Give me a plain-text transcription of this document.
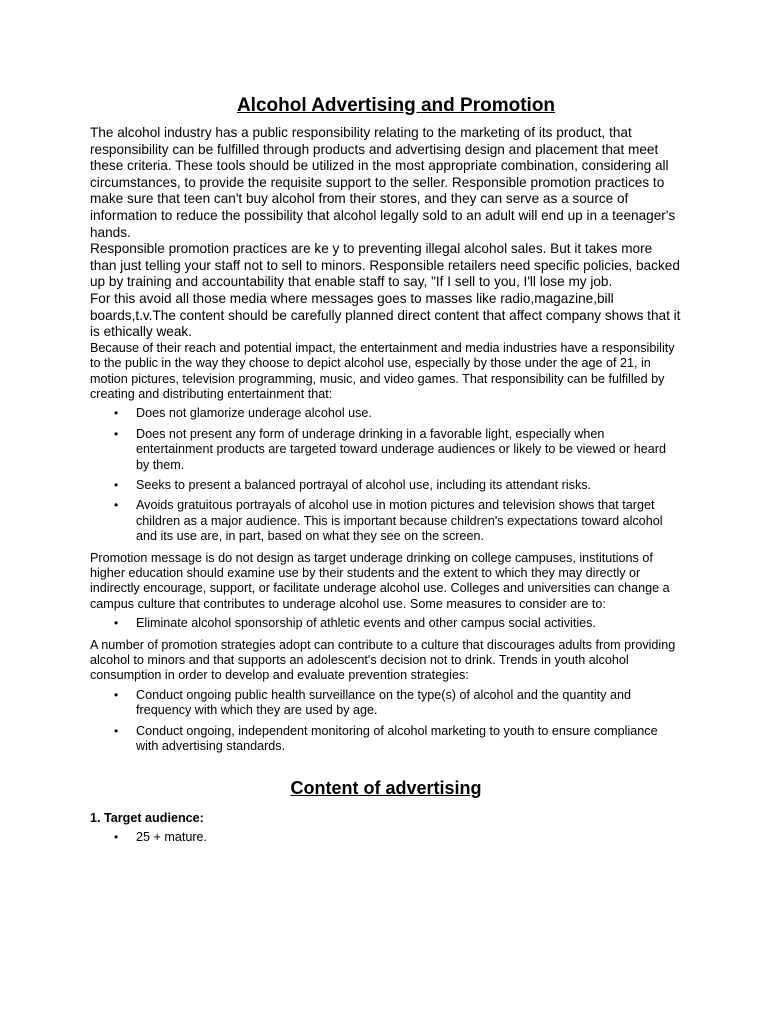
Alcohol Advertising and Promotion

The alcohol industry has a public responsibility relating to the marketing of its product, that responsibility can be fulfilled through products and advertising design and placement that meet these criteria. These tools should be utilized in the most appropriate combination, considering all circumstances, to provide the requisite support to the seller. Responsible promotion practices to make sure that teen can't buy alcohol from their stores, and they can serve as a source of information to reduce the possibility that alcohol legally sold to an adult will end up in a teenager's hands.

Responsible promotion practices are ke y to preventing illegal alcohol sales. But it takes more than just telling your staff not to sell to minors. Responsible retailers need specific policies, backed up by training and accountability that enable staff to say, "If I sell to you, I'll lose my job.

For this avoid all those media where messages goes to masses like radio,magazine,bill boards,t.v.The content should be carefully planned direct content that affect company shows that it is ethically weak.

Because of their reach and potential impact, the entertainment and media industries have a responsibility to the public in the way they choose to depict alcohol use, especially by those under the age of 21, in motion pictures, television programming, music, and video games. That responsibility can be fulfilled by creating and distributing entertainment that:

• Does not glamorize underage alcohol use.
• Does not present any form of underage drinking in a favorable light, especially when entertainment products are targeted toward underage audiences or likely to be viewed or heard by them.
• Seeks to present a balanced portrayal of alcohol use, including its attendant risks.
• Avoids gratuitous portrayals of alcohol use in motion pictures and television shows that target children as a major audience. This is important because children's expectations toward alcohol and its use are, in part, based on what they see on the screen.

Promotion message is do not design as target underage drinking on college campuses, institutions of higher education should examine use by their students and the extent to which they may directly or indirectly encourage, support, or facilitate underage alcohol use. Colleges and universities can change a campus culture that contributes to underage alcohol use. Some measures to consider are to:

• Eliminate alcohol sponsorship of athletic events and other campus social activities.

A number of promotion strategies adopt can contribute to a culture that discourages adults from providing alcohol to minors and that supports an adolescent's decision not to drink. Trends in youth alcohol consumption in order to develop and evaluate prevention strategies:

• Conduct ongoing public health surveillance on the type(s) of alcohol and the quantity and frequency with which they are used by age.
• Conduct ongoing, independent monitoring of alcohol marketing to youth to ensure compliance with advertising standards.
Content of advertising
1. Target audience:
• 25 + mature.
